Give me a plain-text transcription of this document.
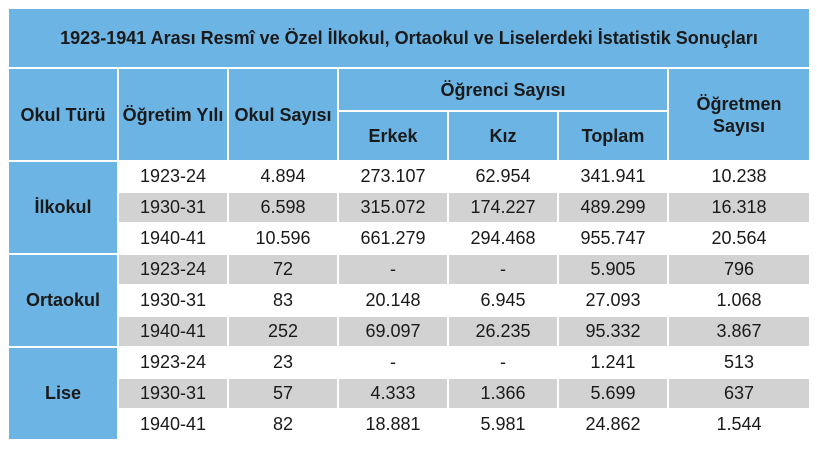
1923-1941 Arası Resmî ve Özel İlkokul, Ortaokul ve Liselerdeki İstatistik Sonuçları						
Okul Türü	Öğretim Yılı	Okul Sayısı	Öğrenci Sayısı			Öğretmen Sayısı
			Erkek	Kız	Toplam	
İlkokul	1923-24	4.894	273.107	62.954	341.941	10.238
	1930-31	6.598	315.072	174.227	489.299	16.318
	1940-41	10.596	661.279	294.468	955.747	20.564
Ortaokul	1923-24	72	-	-	5.905	796
	1930-31	83	20.148	6.945	27.093	1.068
	1940-41	252	69.097	26.235	95.332	3.867
Lise	1923-24	23	-	-	1.241	513
	1930-31	57	4.333	1.366	5.699	637
	1940-41	82	18.881	5.981	24.862	1.544
